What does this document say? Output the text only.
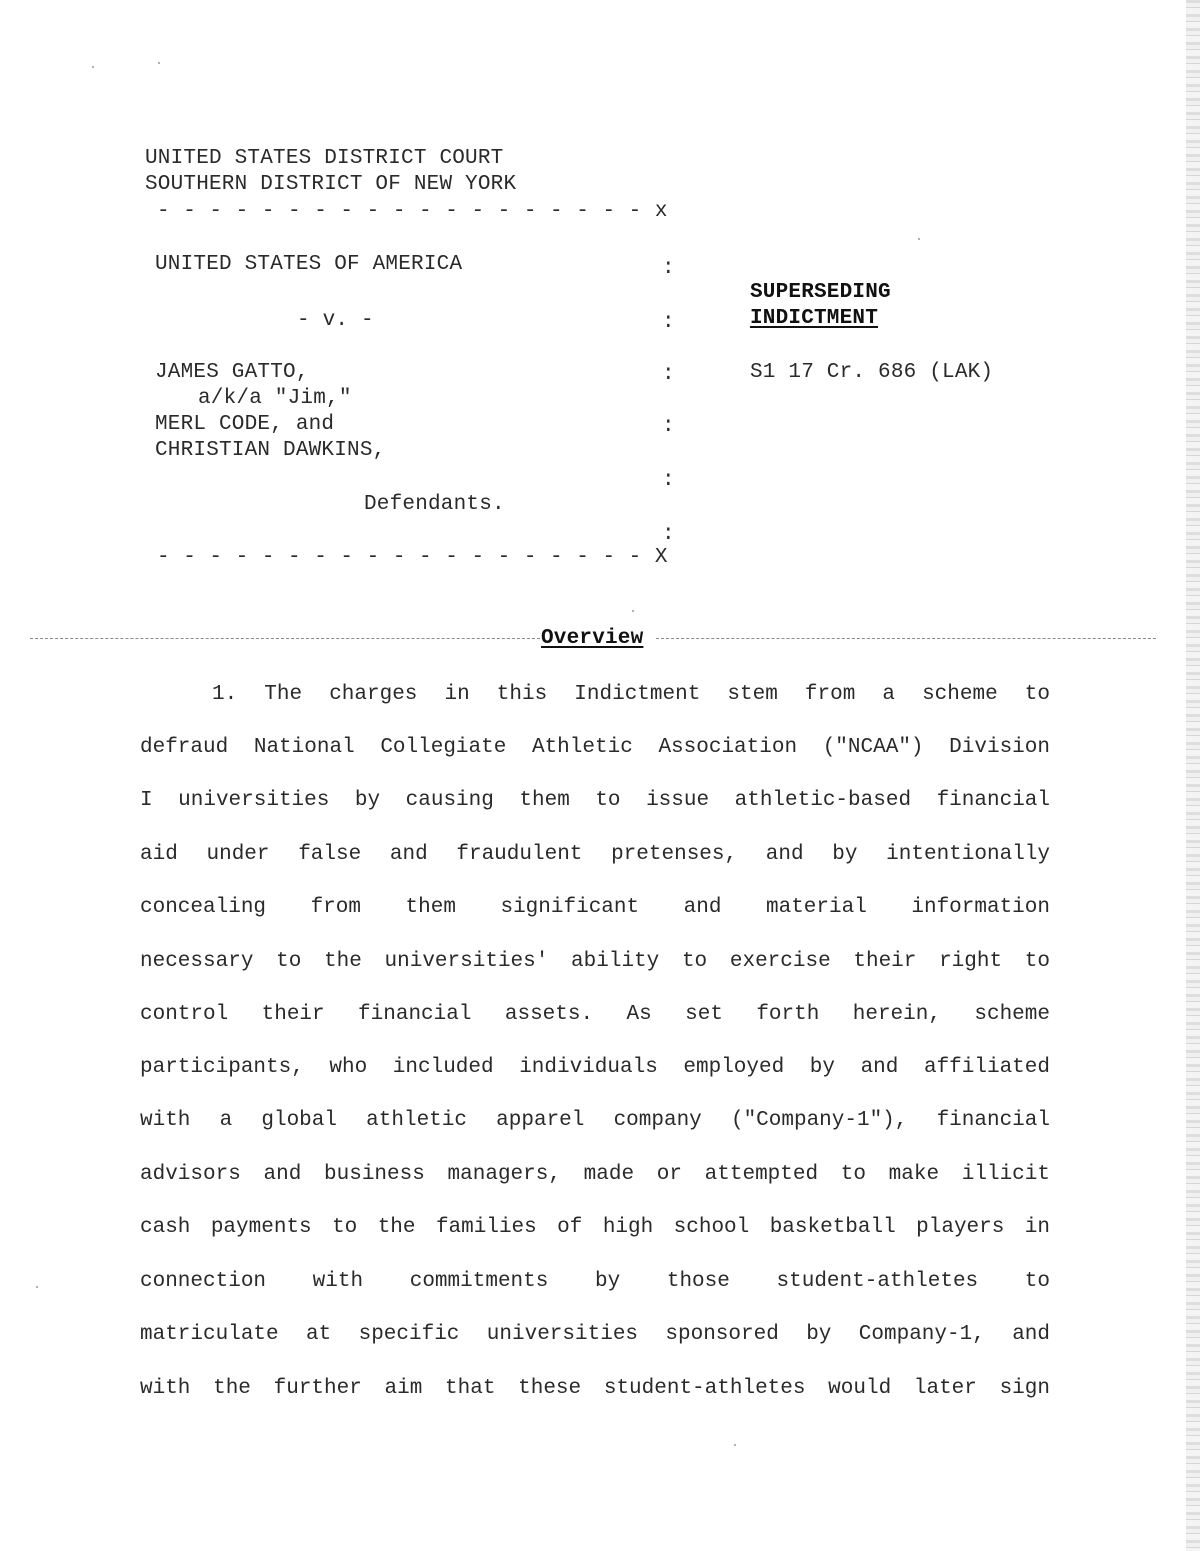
UNITED STATES DISTRICT COURT
SOUTHERN DISTRICT OF NEW YORK
- - - - - - - - - - - - - - - - - - - x
UNITED STATES OF AMERICA	:
- v. -	:
JAMES GATTO,	:
a/k/a "Jim,"
MERL CODE, and	:
CHRISTIAN DAWKINS,
:
Defendants.
:
- - - - - - - - - - - - - - - - - - - X
SUPERSEDING
INDICTMENT
S1 17 Cr. 686 (LAK)
Overview
1. The charges in this Indictment stem from a scheme to
defraud National Collegiate Athletic Association ("NCAA") Division
I universities by causing them to issue athletic-based financial
aid under false and fraudulent pretenses, and by intentionally
concealing from them significant and material information
necessary to the universities' ability to exercise their right to
control their financial assets. As set forth herein, scheme
participants, who included individuals employed by and affiliated
with a global athletic apparel company ("Company-1"), financial
advisors and business managers, made or attempted to make illicit
cash payments to the families of high school basketball players in
connection with commitments by those student-athletes to
matriculate at specific universities sponsored by Company-1, and
with the further aim that these student-athletes would later sign
